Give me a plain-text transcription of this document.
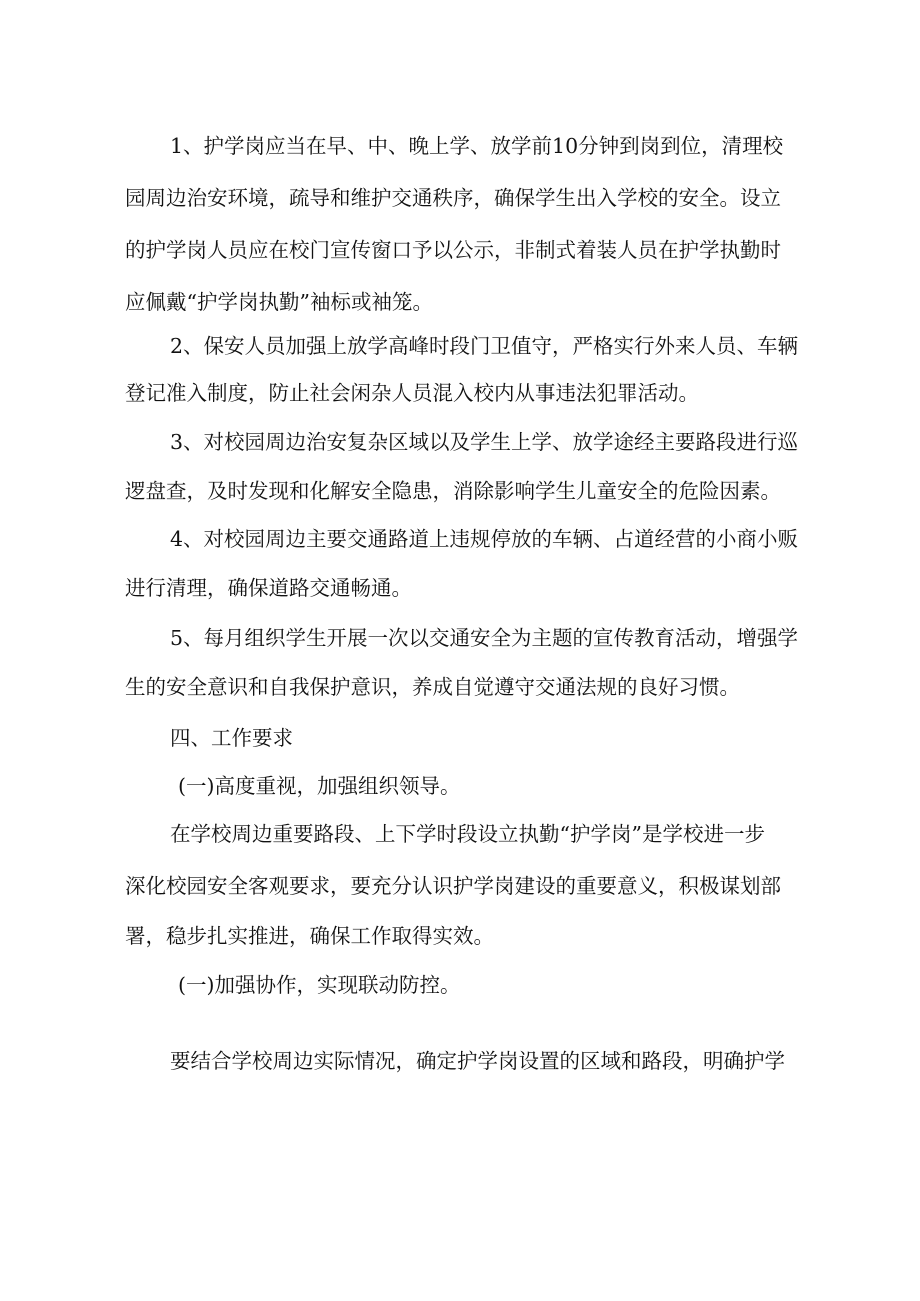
1、护学岗应当在早、中、晚上学、放学前10分钟到岗到位，清理校

园周边治安环境，疏导和维护交通秩序，确保学生出入学校的安全。设立

的护学岗人员应在校门宣传窗口予以公示，非制式着装人员在护学执勤时

应佩戴“护学岗执勤”袖标或袖笼。

2、保安人员加强上放学高峰时段门卫值守，严格实行外来人员、车辆

登记准入制度，防止社会闲杂人员混入校内从事违法犯罪活动。

3、对校园周边治安复杂区域以及学生上学、放学途经主要路段进行巡

逻盘查，及时发现和化解安全隐患，消除影响学生儿童安全的危险因素。

4、对校园周边主要交通路道上违规停放的车辆、占道经营的小商小贩

进行清理，确保道路交通畅通。

5、每月组织学生开展一次以交通安全为主题的宣传教育活动，增强学

生的安全意识和自我保护意识，养成自觉遵守交通法规的良好习惯。

四、工作要求

(一)高度重视，加强组织领导。

在学校周边重要路段、上下学时段设立执勤“护学岗”是学校进一步

深化校园安全客观要求，要充分认识护学岗建设的重要意义，积极谋划部

署，稳步扎实推进，确保工作取得实效。

(一)加强协作，实现联动防控。

要结合学校周边实际情况，确定护学岗设置的区域和路段，明确护学
